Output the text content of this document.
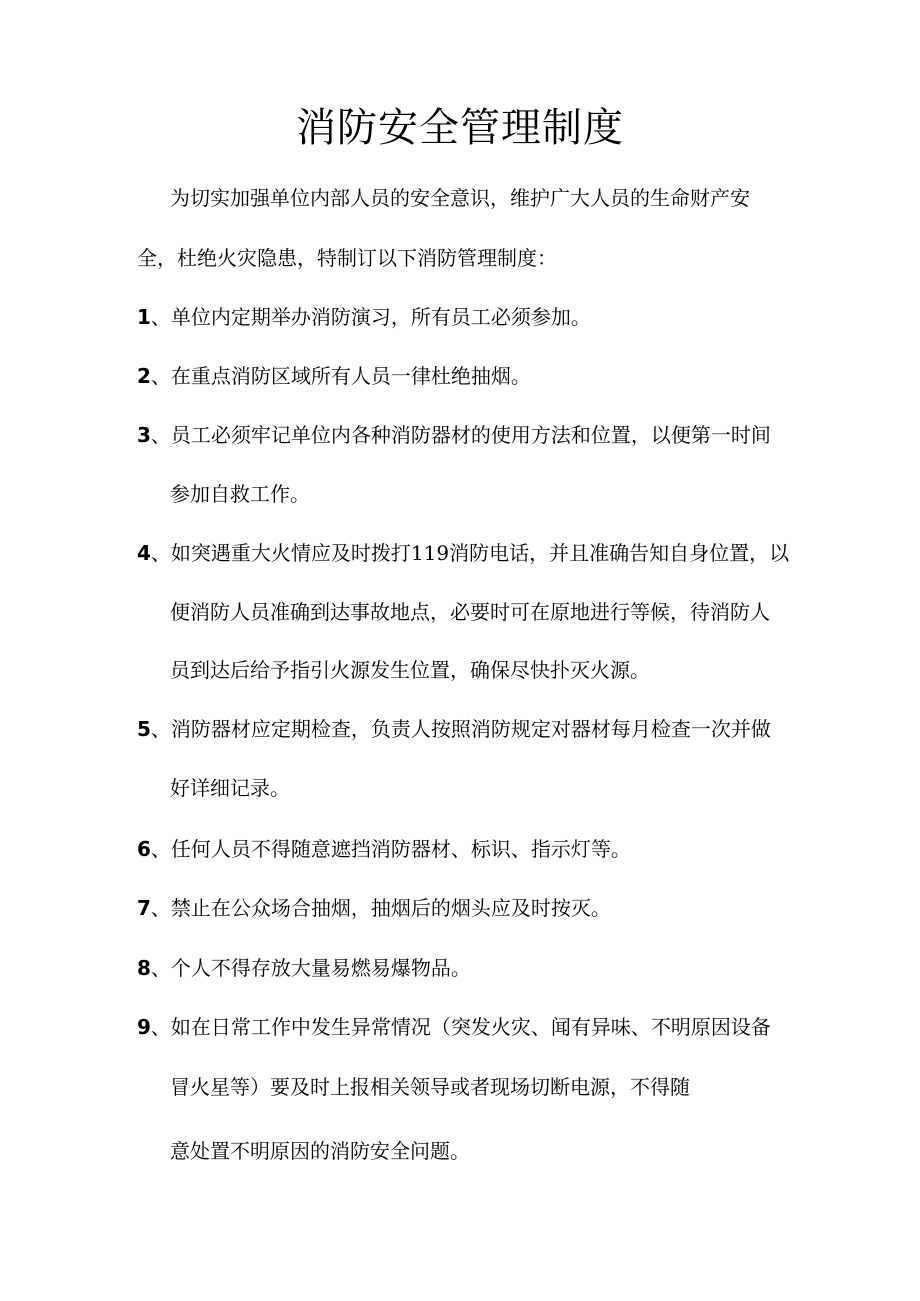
消防安全管理制度
为切实加强单位内部人员的安全意识，维护广大人员的生命财产安
全，杜绝火灾隐患，特制订以下消防管理制度：
1、单位内定期举办消防演习，所有员工必须参加。
2、在重点消防区域所有人员一律杜绝抽烟。
3、员工必须牢记单位内各种消防器材的使用方法和位置，以便第一时间
参加自救工作。
4、如突遇重大火情应及时拨打119消防电话，并且准确告知自身位置，以
便消防人员准确到达事故地点，必要时可在原地进行等候，待消防人
员到达后给予指引火源发生位置，确保尽快扑灭火源。
5、消防器材应定期检查，负责人按照消防规定对器材每月检查一次并做
好详细记录。
6、任何人员不得随意遮挡消防器材、标识、指示灯等。
7、禁止在公众场合抽烟，抽烟后的烟头应及时按灭。
8、个人不得存放大量易燃易爆物品。
9、如在日常工作中发生异常情况（突发火灾、闻有异味、不明原因设备
冒火星等）要及时上报相关领导或者现场切断电源，不得随
意处置不明原因的消防安全问题。
